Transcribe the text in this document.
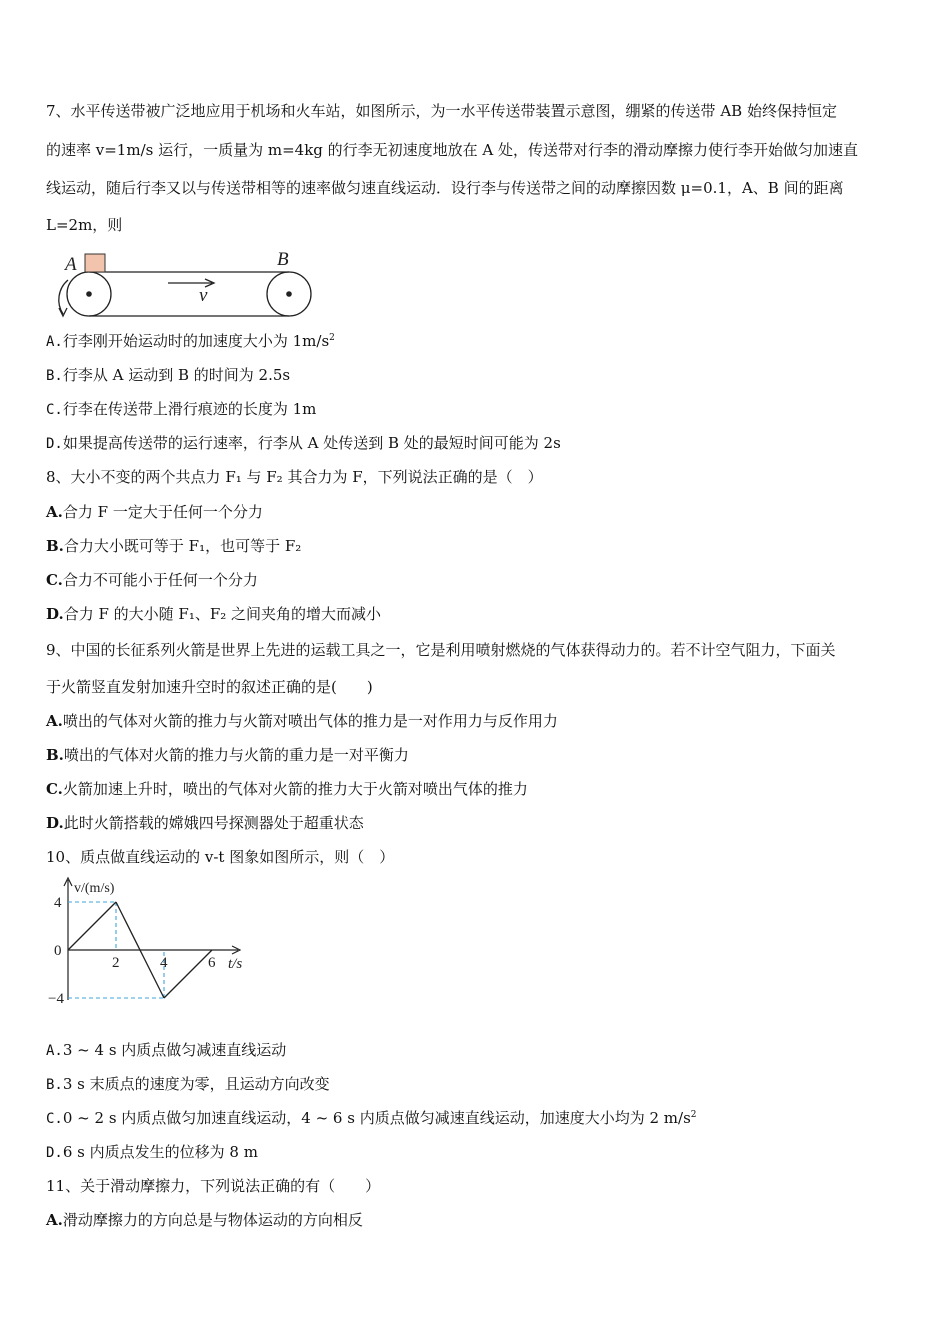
7、水平传送带被广泛地应用于机场和火车站，如图所示，为一水平传送带装置示意图，绷紧的传送带 AB 始终保持恒定
的速率 v=1m/s 运行，一质量为 m=4kg 的行李无初速度地放在 A 处，传送带对行李的滑动摩擦力使行李开始做匀加速直
线运动，随后行李又以与传送带相等的速率做匀速直线运动．设行李与传送带之间的动摩擦因数 μ=0.1，A、B 间的距离
L=2m，则
A	B
v
A.行李刚开始运动时的加速度大小为 $1m/s^2$
B.行李从 A 运动到 B 的时间为 2.5s
C.行李在传送带上滑行痕迹的长度为 1m
D.如果提高传送带的运行速率，行李从 A 处传送到 B 处的最短时间可能为 2s
8、大小不变的两个共点力 F₁ 与 F₂ 其合力为 F，下列说法正确的是（　）
A.合力 F 一定大于任何一个分力
B.合力大小既可等于 F₁，也可等于 F₂
C.合力不可能小于任何一个分力
D.合力 F 的大小随 F₁、F₂ 之间夹角的增大而减小
9、中国的长征系列火箭是世界上先进的运载工具之一，它是利用喷射燃烧的气体获得动力的。若不计空气阻力，下面关
于火箭竖直发射加速升空时的叙述正确的是(　　)
A.喷出的气体对火箭的推力与火箭对喷出气体的推力是一对作用力与反作用力
B.喷出的气体对火箭的推力与火箭的重力是一对平衡力
C.火箭加速上升时，喷出的气体对火箭的推力大于火箭对喷出气体的推力
D.此时火箭搭载的嫦娥四号探测器处于超重状态
10、质点做直线运动的 v-t 图象如图所示，则（　）
v/(m/s)
t/s
2	4	6
4
0
−4
A.3 ~ 4 s 内质点做匀减速直线运动
B.3 s 末质点的速度为零，且运动方向改变
C.0 ~ 2 s 内质点做匀加速直线运动，4 ~ 6 s 内质点做匀减速直线运动，加速度大小均为 2 $m/s^2$
D.6 s 内质点发生的位移为 8 m
11、关于滑动摩擦力，下列说法正确的有（　　）
A.滑动摩擦力的方向总是与物体运动的方向相反
